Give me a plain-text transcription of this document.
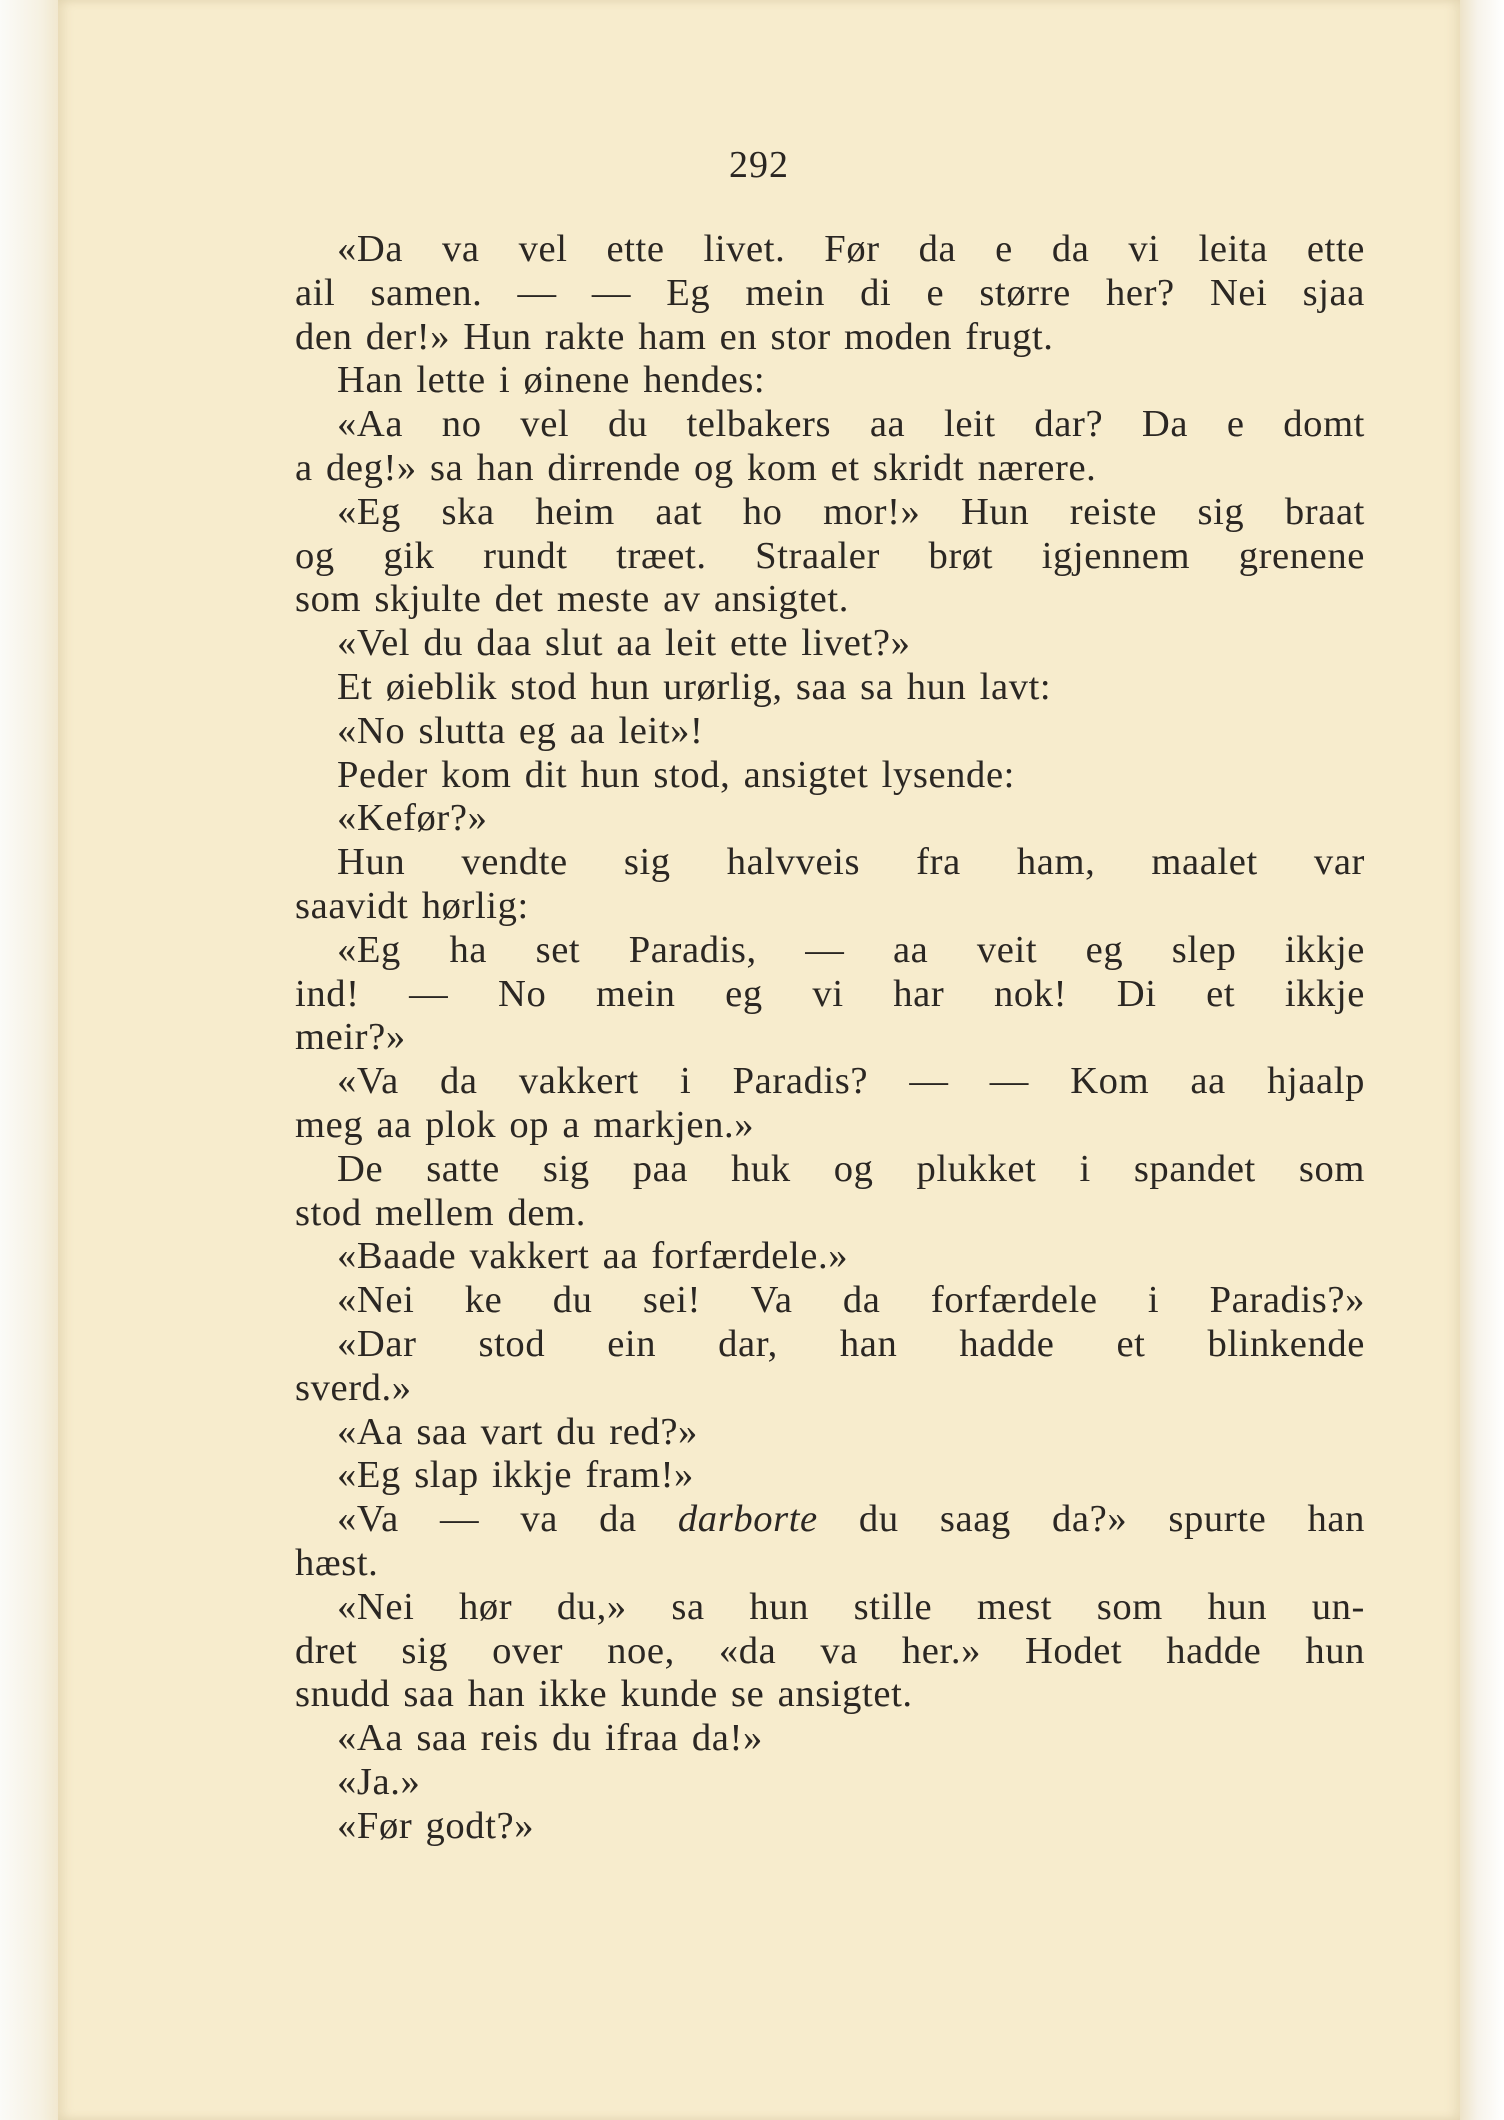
292
«Da va vel ette livet. Før da e da vi leita ette
ail samen. — — Eg mein di e større her? Nei sjaa
den der!» Hun rakte ham en stor moden frugt.
Han lette i øinene hendes:
«Aa no vel du telbakers aa leit dar? Da e domt
a deg!» sa han dirrende og kom et skridt nærere.
«Eg ska heim aat ho mor!» Hun reiste sig braat
og gik rundt træet. Straaler brøt igjennem grenene
som skjulte det meste av ansigtet.
«Vel du daa slut aa leit ette livet?»
Et øieblik stod hun urørlig, saa sa hun lavt:
«No slutta eg aa leit»!
Peder kom dit hun stod, ansigtet lysende:
«Kefør?»
Hun vendte sig halvveis fra ham, maalet var
saavidt hørlig:
«Eg ha set Paradis, — aa veit eg slep ikkje
ind! — No mein eg vi har nok! Di et ikkje
meir?»
«Va da vakkert i Paradis? — — Kom aa hjaalp
meg aa plok op a markjen.»
De satte sig paa huk og plukket i spandet som
stod mellem dem.
«Baade vakkert aa forfærdele.»
«Nei ke du sei! Va da forfærdele i Paradis?»
«Dar stod ein dar, han hadde et blinkende
sverd.»
«Aa saa vart du red?»
«Eg slap ikkje fram!»
«Va — va da darborte du saag da?» spurte han
hæst.
«Nei hør du,» sa hun stille mest som hun un-
dret sig over noe, «da va her.» Hodet hadde hun
snudd saa han ikke kunde se ansigtet.
«Aa saa reis du ifraa da!»
«Ja.»
«Før godt?»
